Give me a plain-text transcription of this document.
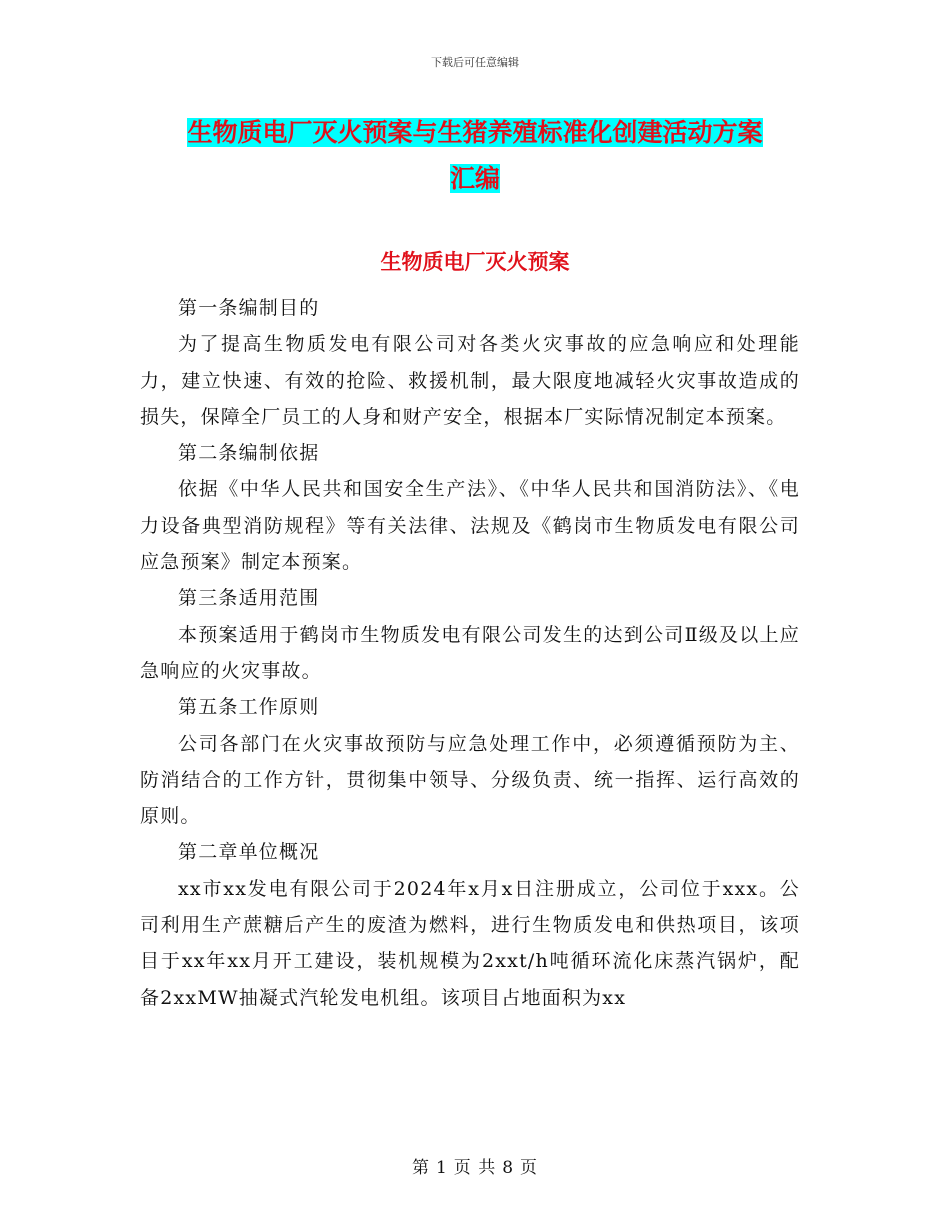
下载后可任意编辑
生物质电厂灭火预案与生猪养殖标准化创建活动方案
汇编
生物质电厂灭火预案

第一条编制目的

为了提高生物质发电有限公司对各类火灾事故的应急响应和处理能力，建立快速、有效的抢险、救援机制，最大限度地减轻火灾事故造成的损失，保障全厂员工的人身和财产安全，根据本厂实际情况制定本预案。

第二条编制依据

依据《中华人民共和国安全生产法》、《中华人民共和国消防法》、《电力设备典型消防规程》等有关法律、法规及《鹤岗市生物质发电有限公司应急预案》制定本预案。

第三条适用范围

本预案适用于鹤岗市生物质发电有限公司发生的达到公司Ⅱ级及以上应急响应的火灾事故。

第五条工作原则

公司各部门在火灾事故预防与应急处理工作中，必须遵循预防为主、防消结合的工作方针，贯彻集中领导、分级负责、统一指挥、运行高效的原则。

第二章单位概况

xx市xx发电有限公司于2024年x月x日注册成立，公司位于xxx。公司利用生产蔗糖后产生的废渣为燃料，进行生物质发电和供热项目，该项目于xx年xx月开工建设，装机规模为2xxt/h吨循环流化床蒸汽锅炉，配备2xxMW抽凝式汽轮发电机组。该项目占地面积为xx

第 1 页 共 8 页
